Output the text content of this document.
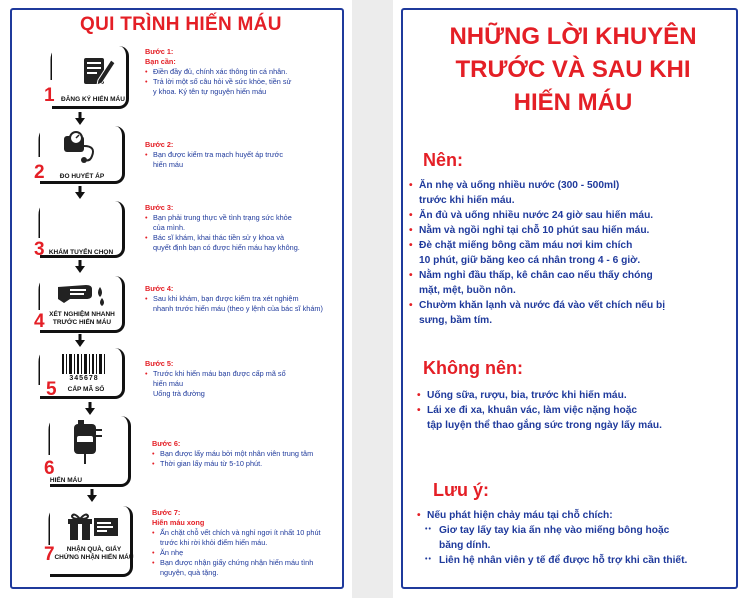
QUI TRÌNH HIẾN MÁU
1 ĐĂNG KÝ HIẾN MÁU
Bước 1:
Bạn cần:
• Điền đầy đủ, chính xác thông tin cá nhân.
• Trả lời một số câu hỏi về sức khỏe, tiền sử
y khoa. Ký tên tự nguyện hiến máu
2	ĐO HUYẾT ÁP
Bước 2:
• Bạn được kiểm tra mạch huyết áp trước
hiến máu
3 KHÁM TUYỂN CHỌN
Bước 3:
• Bạn phải trung thực về tình trạng sức khỏe
của mình.
• Bác sĩ khám, khai thác tiền sử y khoa và
quyết định bạn có được hiến máu hay không.
4 XÉT NGHIỆM NHANH
TRƯỚC HIẾN MÁU
Bước 4:
• Sau khi khám, bạn được kiểm tra xét nghiệm
nhanh trước hiến máu (theo y lệnh của bác sĩ khám)
5
345678
CẤP MÃ SỐ
Bước 5:
• Trước khi hiến máu bạn được cấp mã số
hiến máu
Uống trà đường
6
HIẾN MÁU
Bước 6:
• Bạn được lấy máu bởi một nhân viên trung tâm
• Thời gian lấy máu từ 5-10 phút.
7	NHẬN QUÀ, GIẤY
CHỨNG NHẬN HIẾN MÁU
Bước 7:
Hiến máu xong
• Ấn chặt chỗ vết chích và nghỉ ngơi ít nhất 10 phút
trước khi rời khỏi điểm hiến máu.
• Ăn nhẹ
• Bạn được nhận giấy chứng nhận hiến máu tình
nguyện, quà tặng.
NHỮNG LỜI KHUYÊN
TRƯỚC VÀ SAU KHI
HIẾN MÁU
Nên:
• Ăn nhẹ và uống nhiều nước (300 - 500ml)
trước khi hiến máu.
• Ăn đủ và uống nhiều nước 24 giờ sau hiến máu.
• Nằm và ngồi nghỉ tại chỗ 10 phút sau hiến máu.
• Đè chặt miếng bông cầm máu nơi kim chích
10 phút, giữ băng keo cá nhân trong 4 - 6 giờ.
• Nằm nghỉ đầu thấp, kê chân cao nếu thấy chóng
mặt, mệt, buồn nôn.
• Chườm khăn lạnh và nước đá vào vết chích nếu bị
sưng, bầm tím.
Không nên:
• Uống sữa, rượu, bia, trước khi hiến máu.
• Lái xe đi xa, khuân vác, làm việc nặng hoặc
tập luyện thể thao gắng sức trong ngày lấy máu.
Lưu ý:
• Nếu phát hiện chảy máu tại chỗ chích:
•• Giơ tay lấy tay kia ấn nhẹ vào miếng bông hoặc
băng dính.
•• Liên hệ nhân viên y tế để được hỗ trợ khi cần thiết.
